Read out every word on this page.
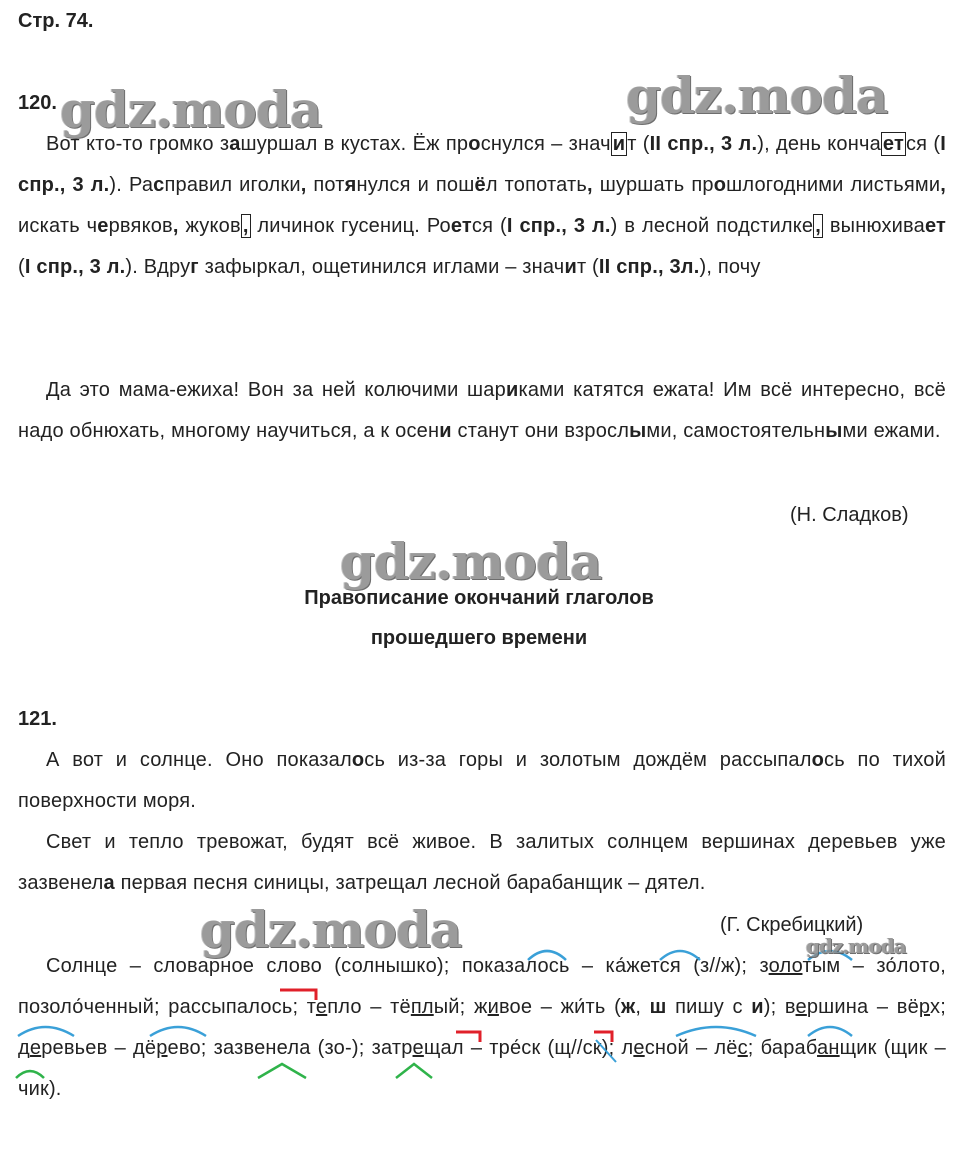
Стр. 74.
120.
Вот кто-то громко зашуршал в кустах. Ёж проснулся – знач и т (II спр., 3 л.), день конча ет ся (I спр., 3 л.). Расправил иголки, потянулся и пошёл топотать, шуршать прошлогодними листьями, искать червяков, жуков , личинок гусениц. Роется (I спр., 3 л.) в лесной подстилке , вынюхивает (I спр., 3 л.). Вдруг зафыркал, ощетинился иглами – значит (II спр., 3л.), почу
Да это мама-ежиха! Вон за ней колючими шариками катятся ежата! Им всё интересно, всё надо обнюхать, многому научиться, а к осени станут они взрослыми, самостоятельными ежами.
(Н. Сладков)
Правописание окончаний глаголов
прошедшего времени
121.
А вот и солнце. Оно показалось из-за горы и золотым дождём рассыпалось по тихой поверхности моря.
Свет и тепло тревожат, будят всё живое. В залитых солнцем вершинах деревьев уже зазвенела первая песня синицы, затрещал лесной барабанщик – дятел.
(Г. Скребицкий)
Солнце – словарное слово (солнышко); показалось – ка́жется (з//ж); золотым – зо́лото, позоло́ченный; рассыпалось; тепло – тёплый; живое – жи́ть (ж, ш пишу с и); вершина – вёрх; деревьев – дёрево; зазвенела (зо-); затрещал – тре́ск (щ//ск); лесной – лёс; барабанщик (щик – чик).
gdz.moda	gdz.moda
gdz.moda
gdz.moda	gdz.moda
